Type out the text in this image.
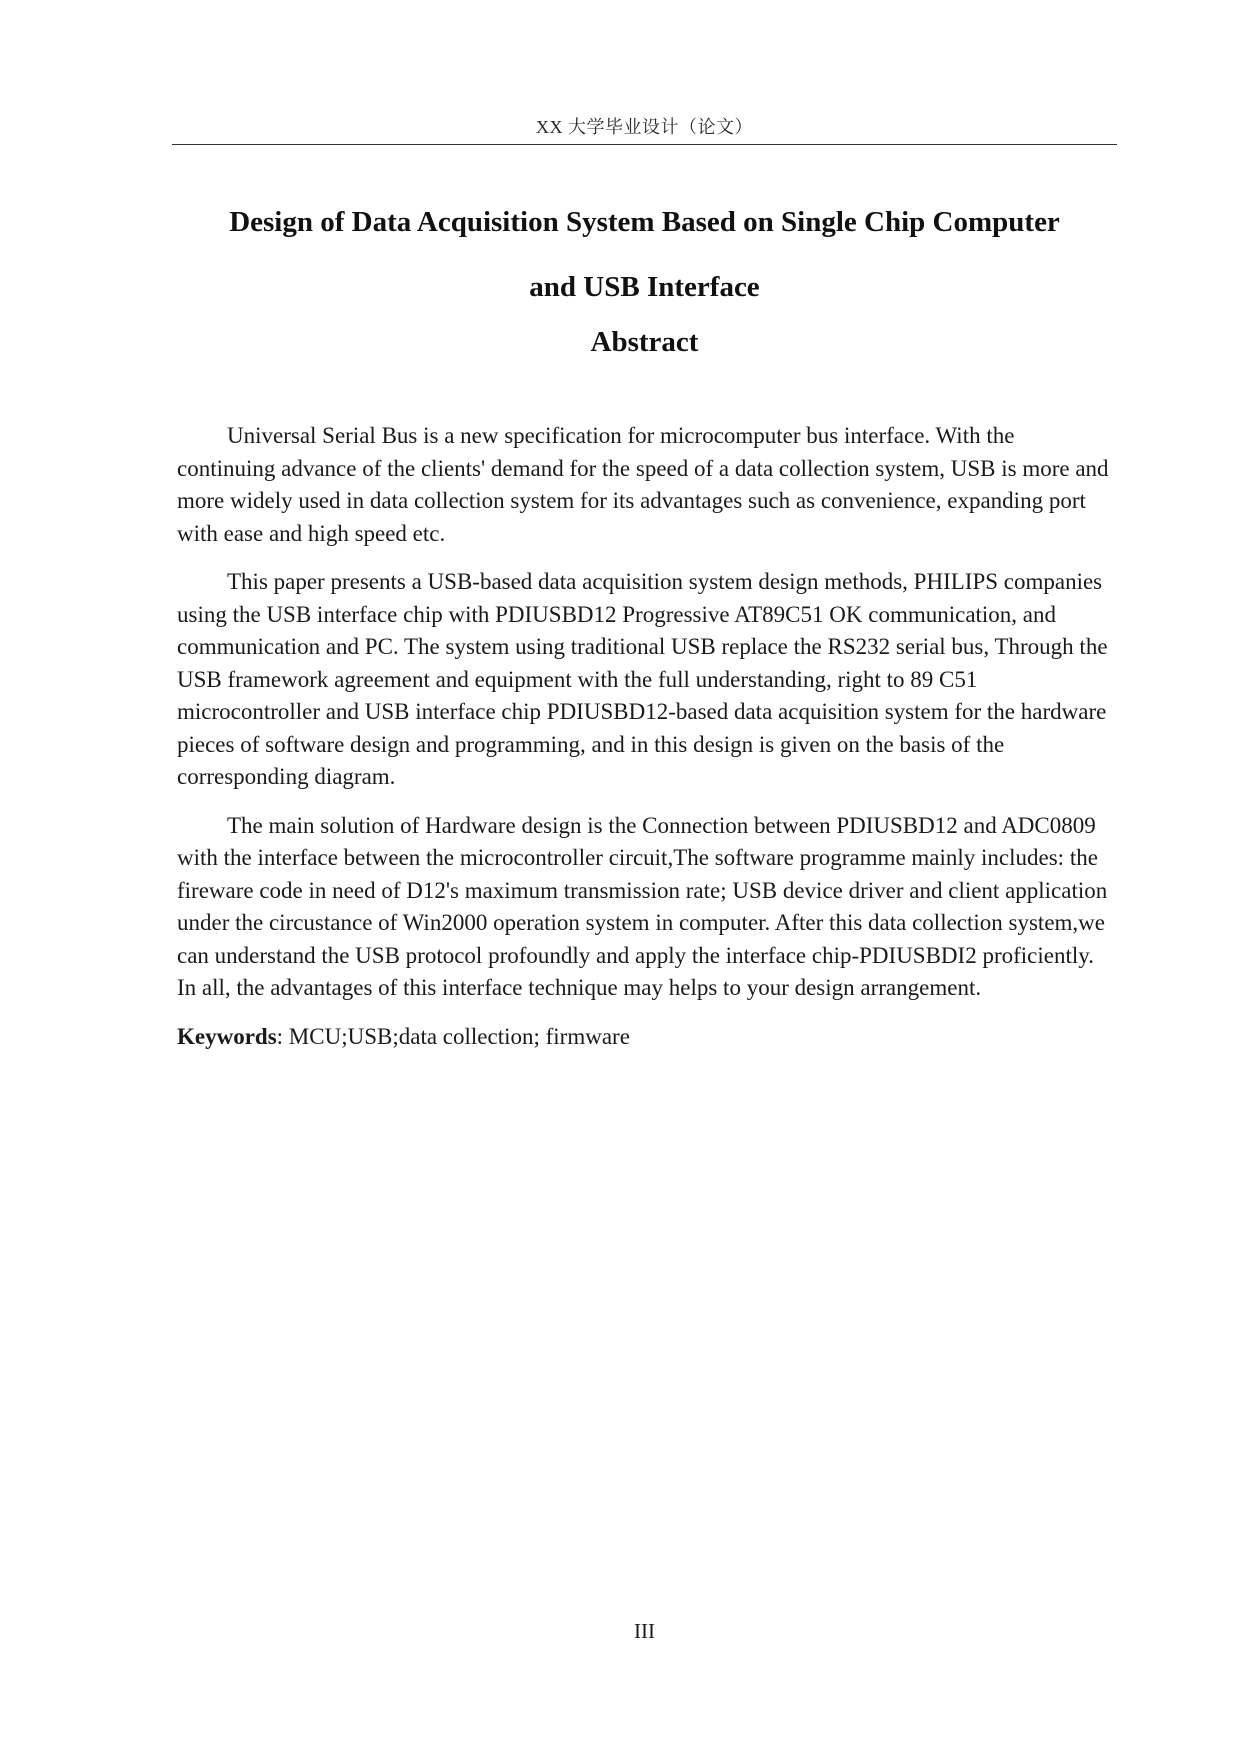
XX 大学毕业设计（论文）
Design of Data Acquisition System Based on Single Chip Computer
and USB Interface
Abstract

Universal Serial Bus is a new specification for microcomputer bus interface. With the continuing advance of the clients' demand for the speed of a data collection system, USB is more and more widely used in data collection system for its advantages such as convenience, expanding port with ease and high speed etc.

This paper presents a USB-based data acquisition system design methods, PHILIPS companies using the USB interface chip with PDIUSBD12 Progressive AT89C51 OK communication, and communication and PC. The system using traditional USB replace the RS232 serial bus, Through the USB framework agreement and equipment with the full understanding, right to 89 C51 microcontroller and USB interface chip PDIUSBD12-based data acquisition system for the hardware pieces of software design and programming, and in this design is given on the basis of the corresponding diagram.

The main solution of Hardware design is the Connection between PDIUSBD12 and ADC0809 with the interface between the microcontroller circuit,The software programme mainly includes: the fireware code in need of D12's maximum transmission rate; USB device driver and client application under the circustance of Win2000 operation system in computer. After this data collection system,we can understand the USB protocol profoundly and apply the interface chip-PDIUSBDI2 proficiently. In all, the advantages of this interface technique may helps to your design arrangement.

Keywords: MCU;USB;data collection; firmware

III
